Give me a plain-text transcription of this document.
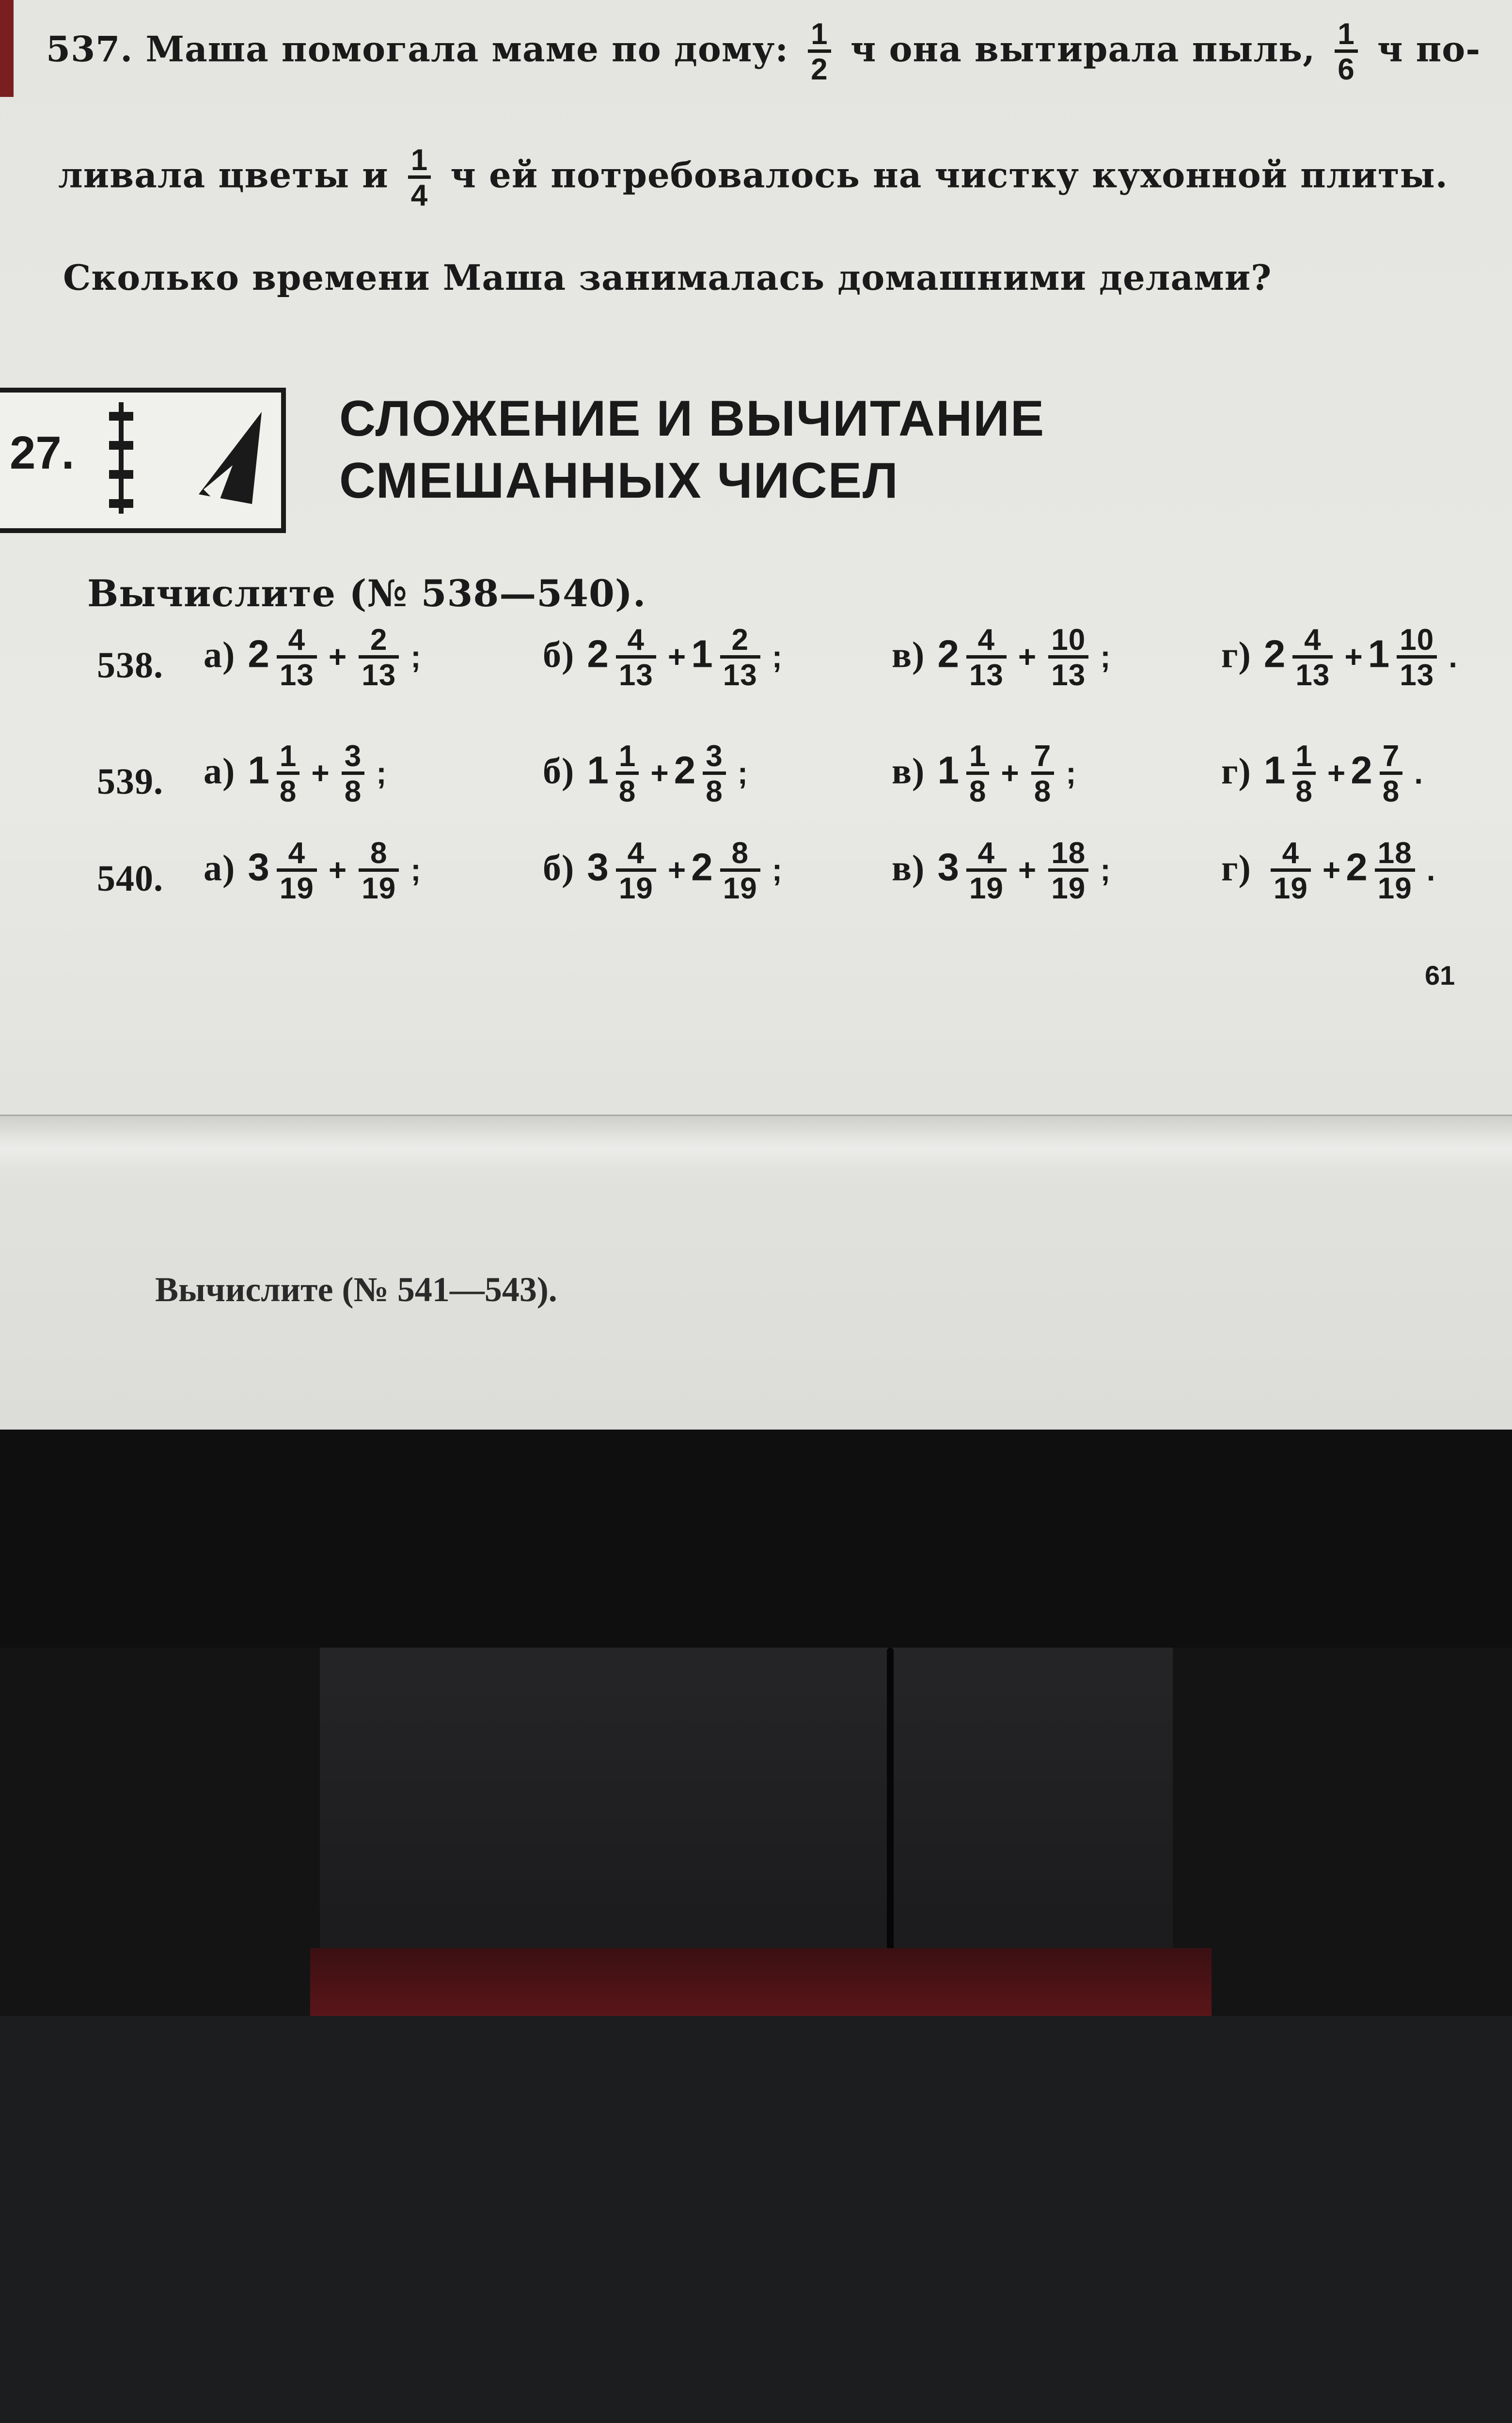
537. Маша помогала маме по дому: $\frac{1}{2}$ ч она вытирала пыль, $\frac{1}{6}$ ч по-
ливала цветы и $\frac{1}{4}$ ч ей потребовалось на чистку кухонной плиты.
Сколько времени Маша занималась домашними делами?
27.
СЛОЖЕНИЕ И ВЫЧИТАНИЕ
СМЕШАННЫХ ЧИСЕЛ
Вычислите (№ 538—540).
538. а) $2 \frac{4}{13} + \frac{2}{13}$ ;	б) $2 \frac{4}{13} + 1 \frac{2}{13}$ ;	в) $2 \frac{4}{13} + \frac{10}{13}$ ;	г) $2 \frac{4}{13} + 1 \frac{10}{13}$ .
539. а) $1 \frac{1}{8} + \frac{3}{8}$ ;	б) $1 \frac{1}{8} + 2 \frac{3}{8}$ ;	в) $1 \frac{1}{8} + \frac{7}{8}$ ;	г) $1 \frac{1}{8} + 2 \frac{7}{8}$ .
540. а) $3 \frac{4}{19} + \frac{8}{19}$ ;	б) $3 \frac{4}{19} + 2 \frac{8}{19}$ ;	в) $3 \frac{4}{19} + \frac{18}{19}$ ;	$г) \frac{4}{19} + 2 \frac{18}{19}$ .
61
Вычислите (№ 541—543).
